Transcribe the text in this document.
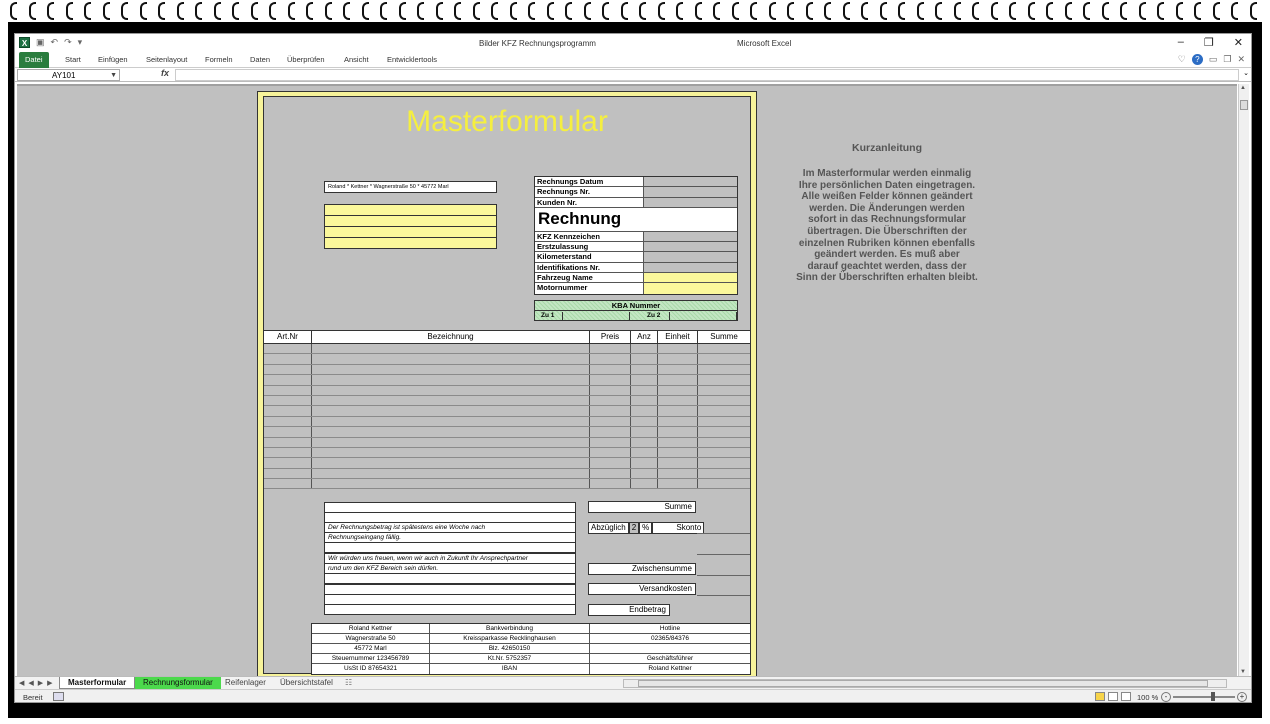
X ▣ ↶ ↷ ▾	Bilder KFZ Rechnungsprogramm	Microsoft Excel	– ❐ ✕
Datei	Start Einfügen Seitenlayout Formeln Daten Überprüfen	Ansicht Entwicklertools	♡	?	▭ ❐ ✕
AY101	▼	fx	⌄
Masterformular
Roland * Kettner * Wagnerstraße 50 * 45772 Marl
Rechnungs Datum
Rechnungs Nr.
Kunden Nr.
Rechnung
KFZ Kennzeichen
Erstzulassung
Kilometerstand
Identifikations Nr.
Fahrzeug Name
Motornummer
KBA Nummer
Zu 1	Zu 2
Art.Nr	Bezeichnung	Preis	Anz	Einheit	Summe
Der Rechnungsbetrag ist spätestens eine Woche nach
Rechnungseingang fällig.
Wir würden uns freuen, wenn wir auch in Zukunft Ihr Ansprechpartner
rund um den KFZ Bereich sein dürfen.
Summe
Abzüglich 2 %	Skonto
Zwischensumme
Versandkosten
Endbetrag
Roland Kettner	Bankverbindung	Hotline
Wagnerstraße 50	Kreissparkasse Recklinghausen	02365/84376
45772 Marl	Blz. 42650150
Steuernummer 123456789	Kt.Nr. 5752357	Geschäftsführer
UsSt ID 87654321	IBAN	Roland Kettner
Kurzanleitung
Im Masterformular werden einmalig
Ihre persönlichen Daten eingetragen.
Alle weißen Felder können geändert
werden. Die Änderungen werden
sofort in das Rechnungsformular
übertragen. Die Überschriften der
einzelnen Rubriken können ebenfalls
geändert werden. Es muß aber
darauf geachtet werden, dass der
Sinn der Überschriften erhalten bleibt.
▲
▼
◀◀▶▶	Masterformular	Rechnungsformular	Reifenlager	Übersichtstafel	☷
Bereit	100 % -	+
